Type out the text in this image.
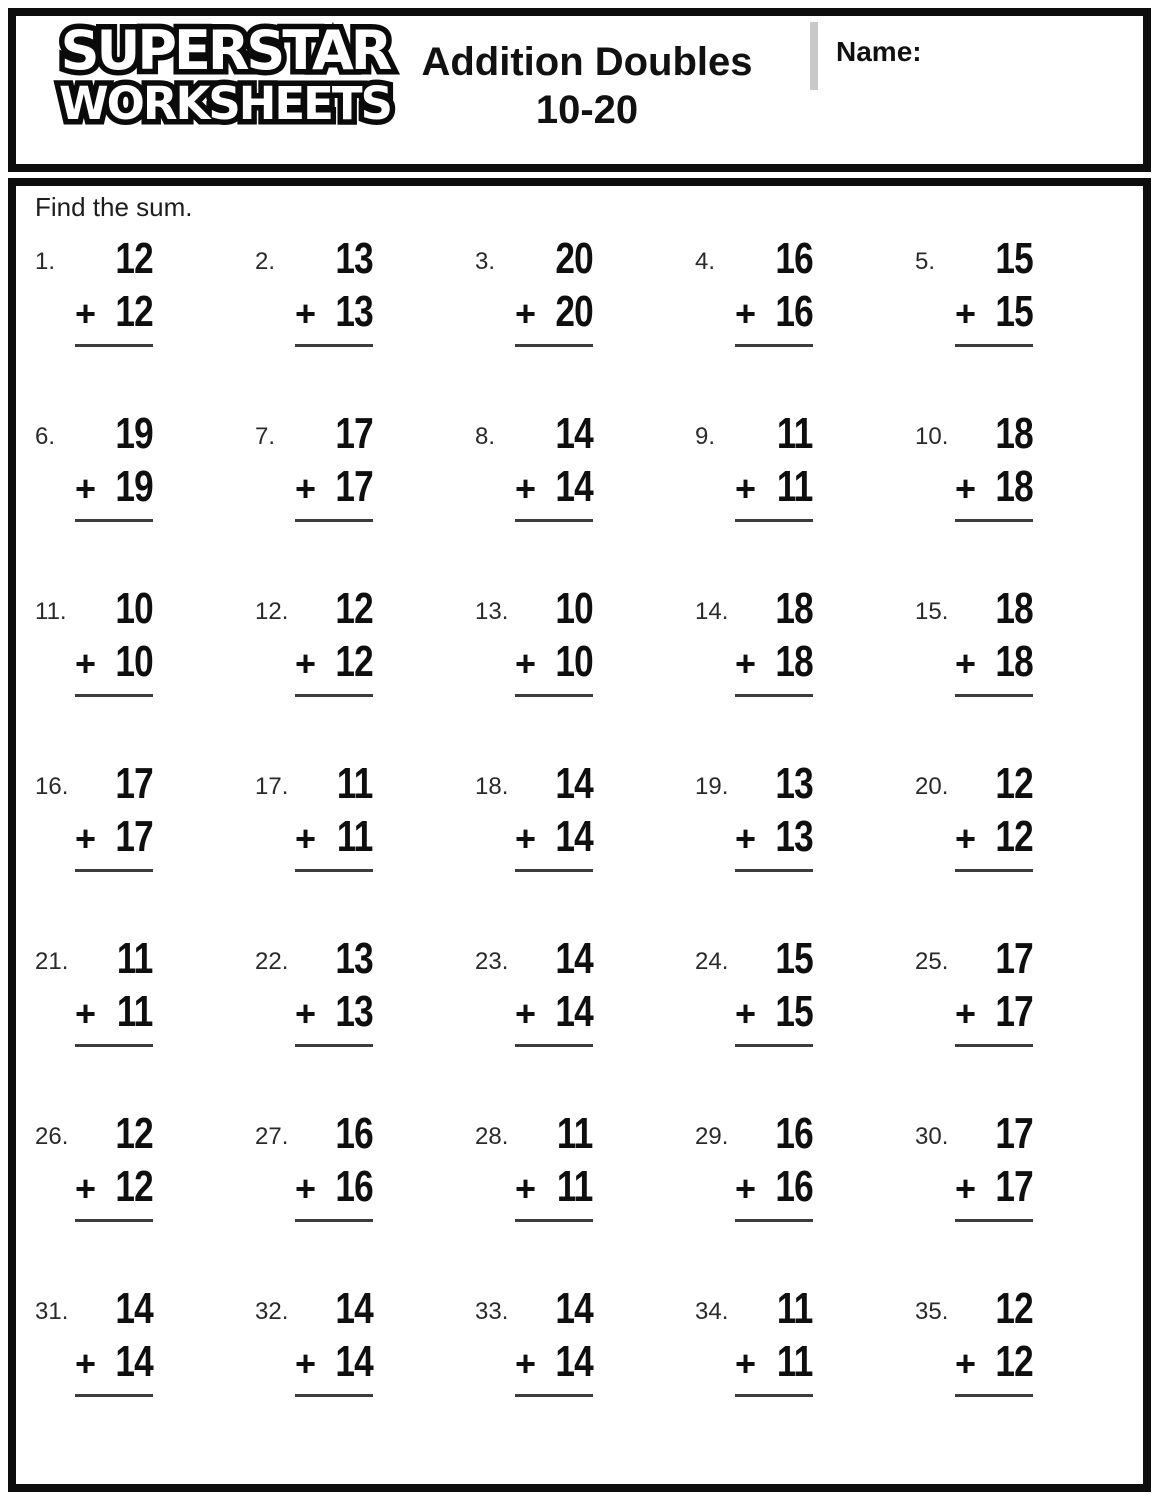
SUPERSTAR
WORKSHEETS
Addition Doubles
10-20
Name:

Find the sum.

1.	12
+ 12
2.	13
+ 13
3.	20
+ 20
4.	16
+ 16
5.	15
+ 15
6.	19
+ 19
7.	17
+ 17
8.	14
+ 14
9.	11
+ 11
10.	18
+ 18
11.	10
+ 10
12.	12
+ 12
13.	10
+ 10
14.	18
+ 18
15.	18
+ 18
16.	17
+ 17
17.	11
+ 11
18.	14
+ 14
19.	13
+ 13
20.	12
+ 12
21.	11
+ 11
22.	13
+ 13
23.	14
+ 14
24.	15
+ 15
25.	17
+ 17
26.	12
+ 12
27.	16
+ 16
28.	11
+ 11
29.	16
+ 16
30.	17
+ 17
31.	14
+ 14
32.	14
+ 14
33.	14
+ 14
34.	11
+ 11
35.	12
+ 12
